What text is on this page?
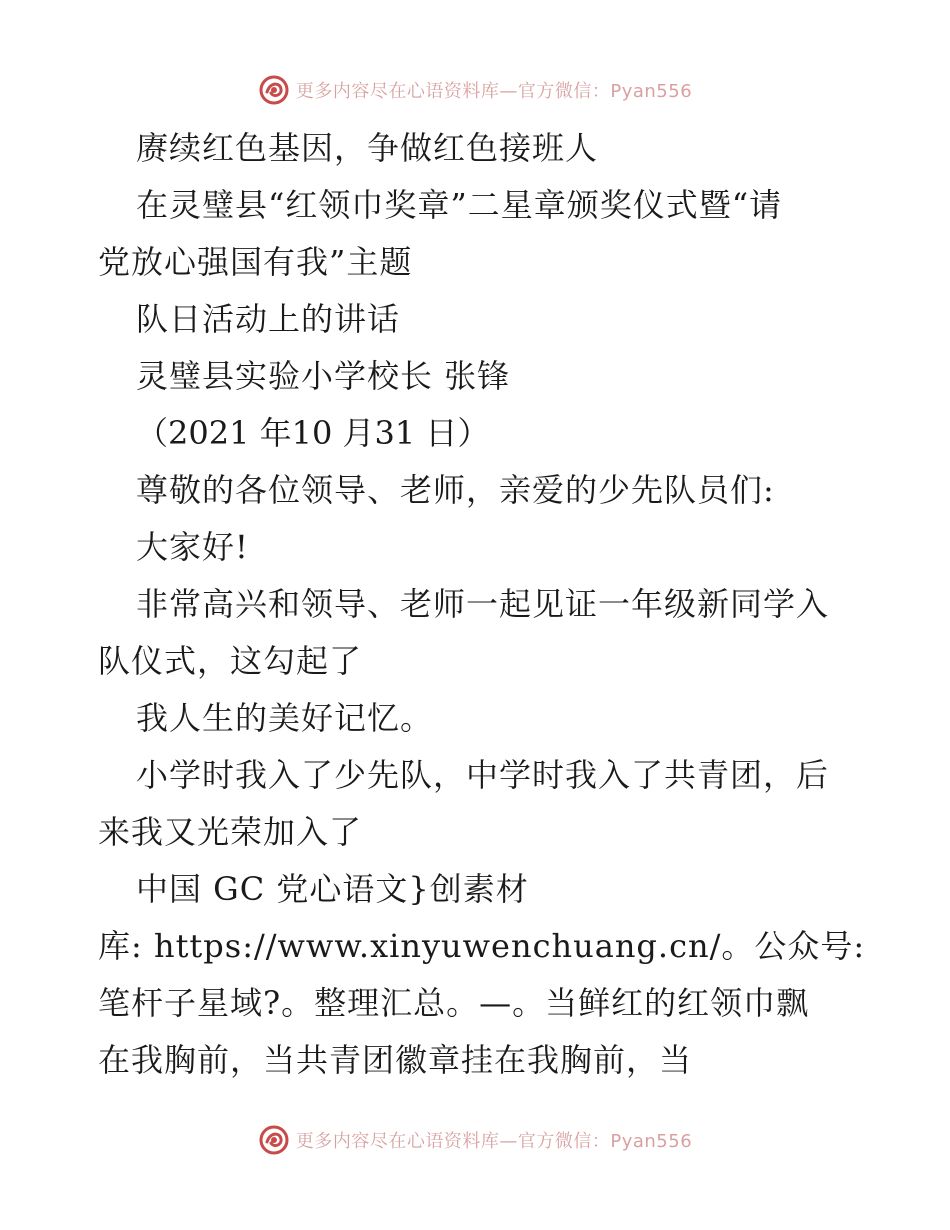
更多内容尽在心语资料库—官方微信：Pyan556
赓续红色基因，争做红色接班人
在灵璧县“红领巾奖章”二星章颁奖仪式暨“请
党放心强国有我”主题
队日活动上的讲话
灵璧县实验小学校长 张锋
（2021 年10 月31 日）
尊敬的各位领导、老师，亲爱的少先队员们:
大家好!
非常高兴和领导、老师一起见证一年级新同学入
队仪式，这勾起了
我人生的美好记忆。
小学时我入了少先队，中学时我入了共青团，后
来我又光荣加入了
中国 GC 党心语文}创素材
库: https://www.xinyuwenchuang.cn/。公众号:
笔杆子星域?。整理汇总。—。当鲜红的红领巾飘
在我胸前，当共青团徽章挂在我胸前，当
更多内容尽在心语资料库—官方微信：Pyan556
